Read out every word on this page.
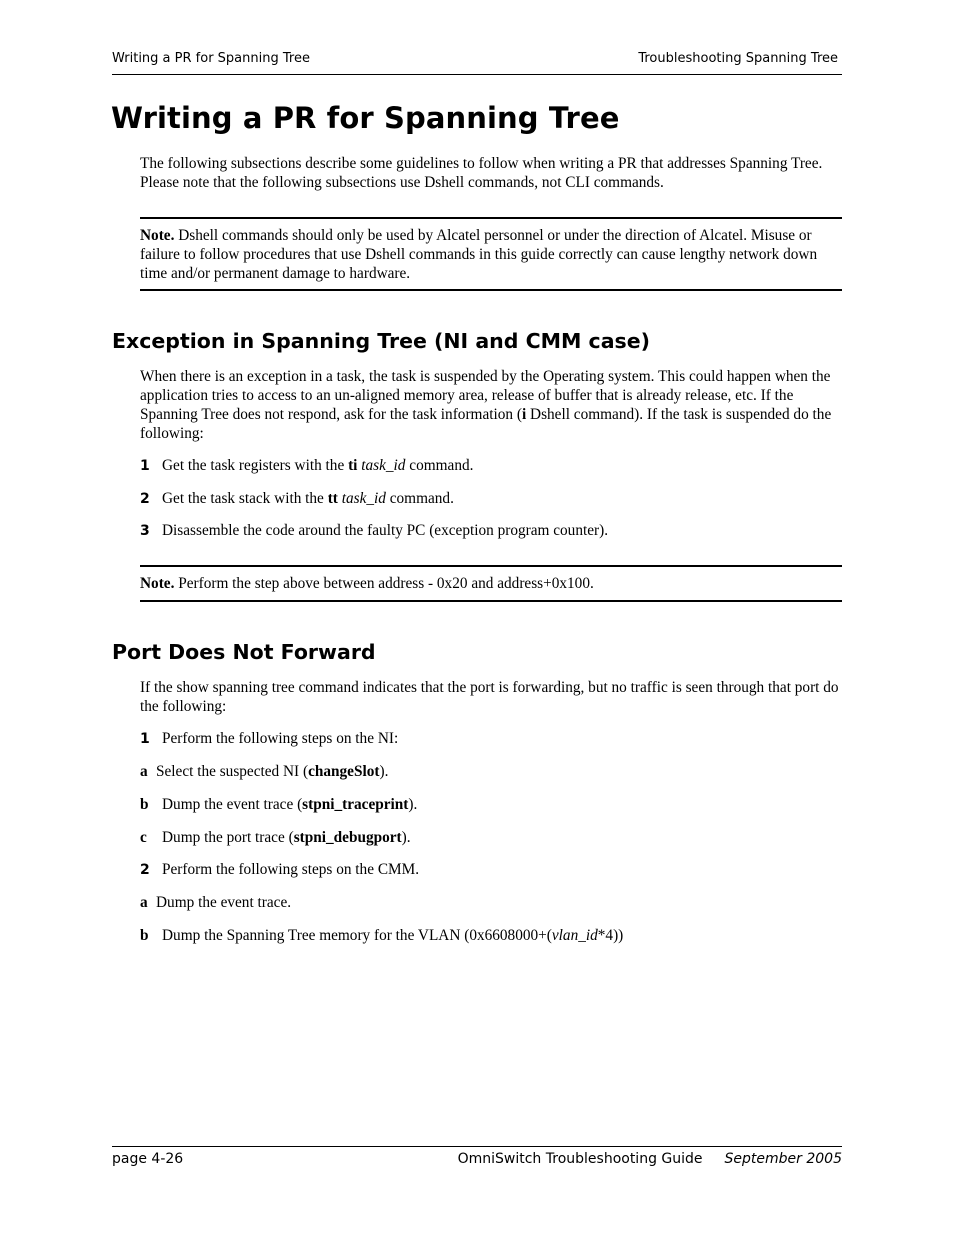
Writing a PR for Spanning Tree	Troubleshooting Spanning Tree
Writing a PR for Spanning Tree
The following subsections describe some guidelines to follow when writing a PR that addresses Spanning Tree. Please note that the following subsections use Dshell commands, not CLI commands.
Note. Dshell commands should only be used by Alcatel personnel or under the direction of Alcatel. Misuse or failure to follow procedures that use Dshell commands in this guide correctly can cause lengthy network down time and/or permanent damage to hardware.
Exception in Spanning Tree (NI and CMM case)
When there is an exception in a task, the task is suspended by the Operating system. This could happen when the application tries to access to an un-aligned memory area, release of buffer that is already release, etc. If the Spanning Tree does not respond, ask for the task information (i Dshell command). If the task is suspended do the following:
1 Get the task registers with the ti task_id command.
2 Get the task stack with the tt task_id command.
3 Disassemble the code around the faulty PC (exception program counter).
Note. Perform the step above between address - 0x20 and address+0x100.
Port Does Not Forward
If the show spanning tree command indicates that the port is forwarding, but no traffic is seen through that port do the following:
1 Perform the following steps on the NI:
a Select the suspected NI (changeSlot).
b Dump the event trace (stpni_traceprint).
c Dump the port trace (stpni_debugport).
2 Perform the following steps on the CMM.
a Dump the event trace.
b Dump the Spanning Tree memory for the VLAN (0x6608000+(vlan_id*4))
page 4-26	OmniSwitch Troubleshooting Guide September 2005
